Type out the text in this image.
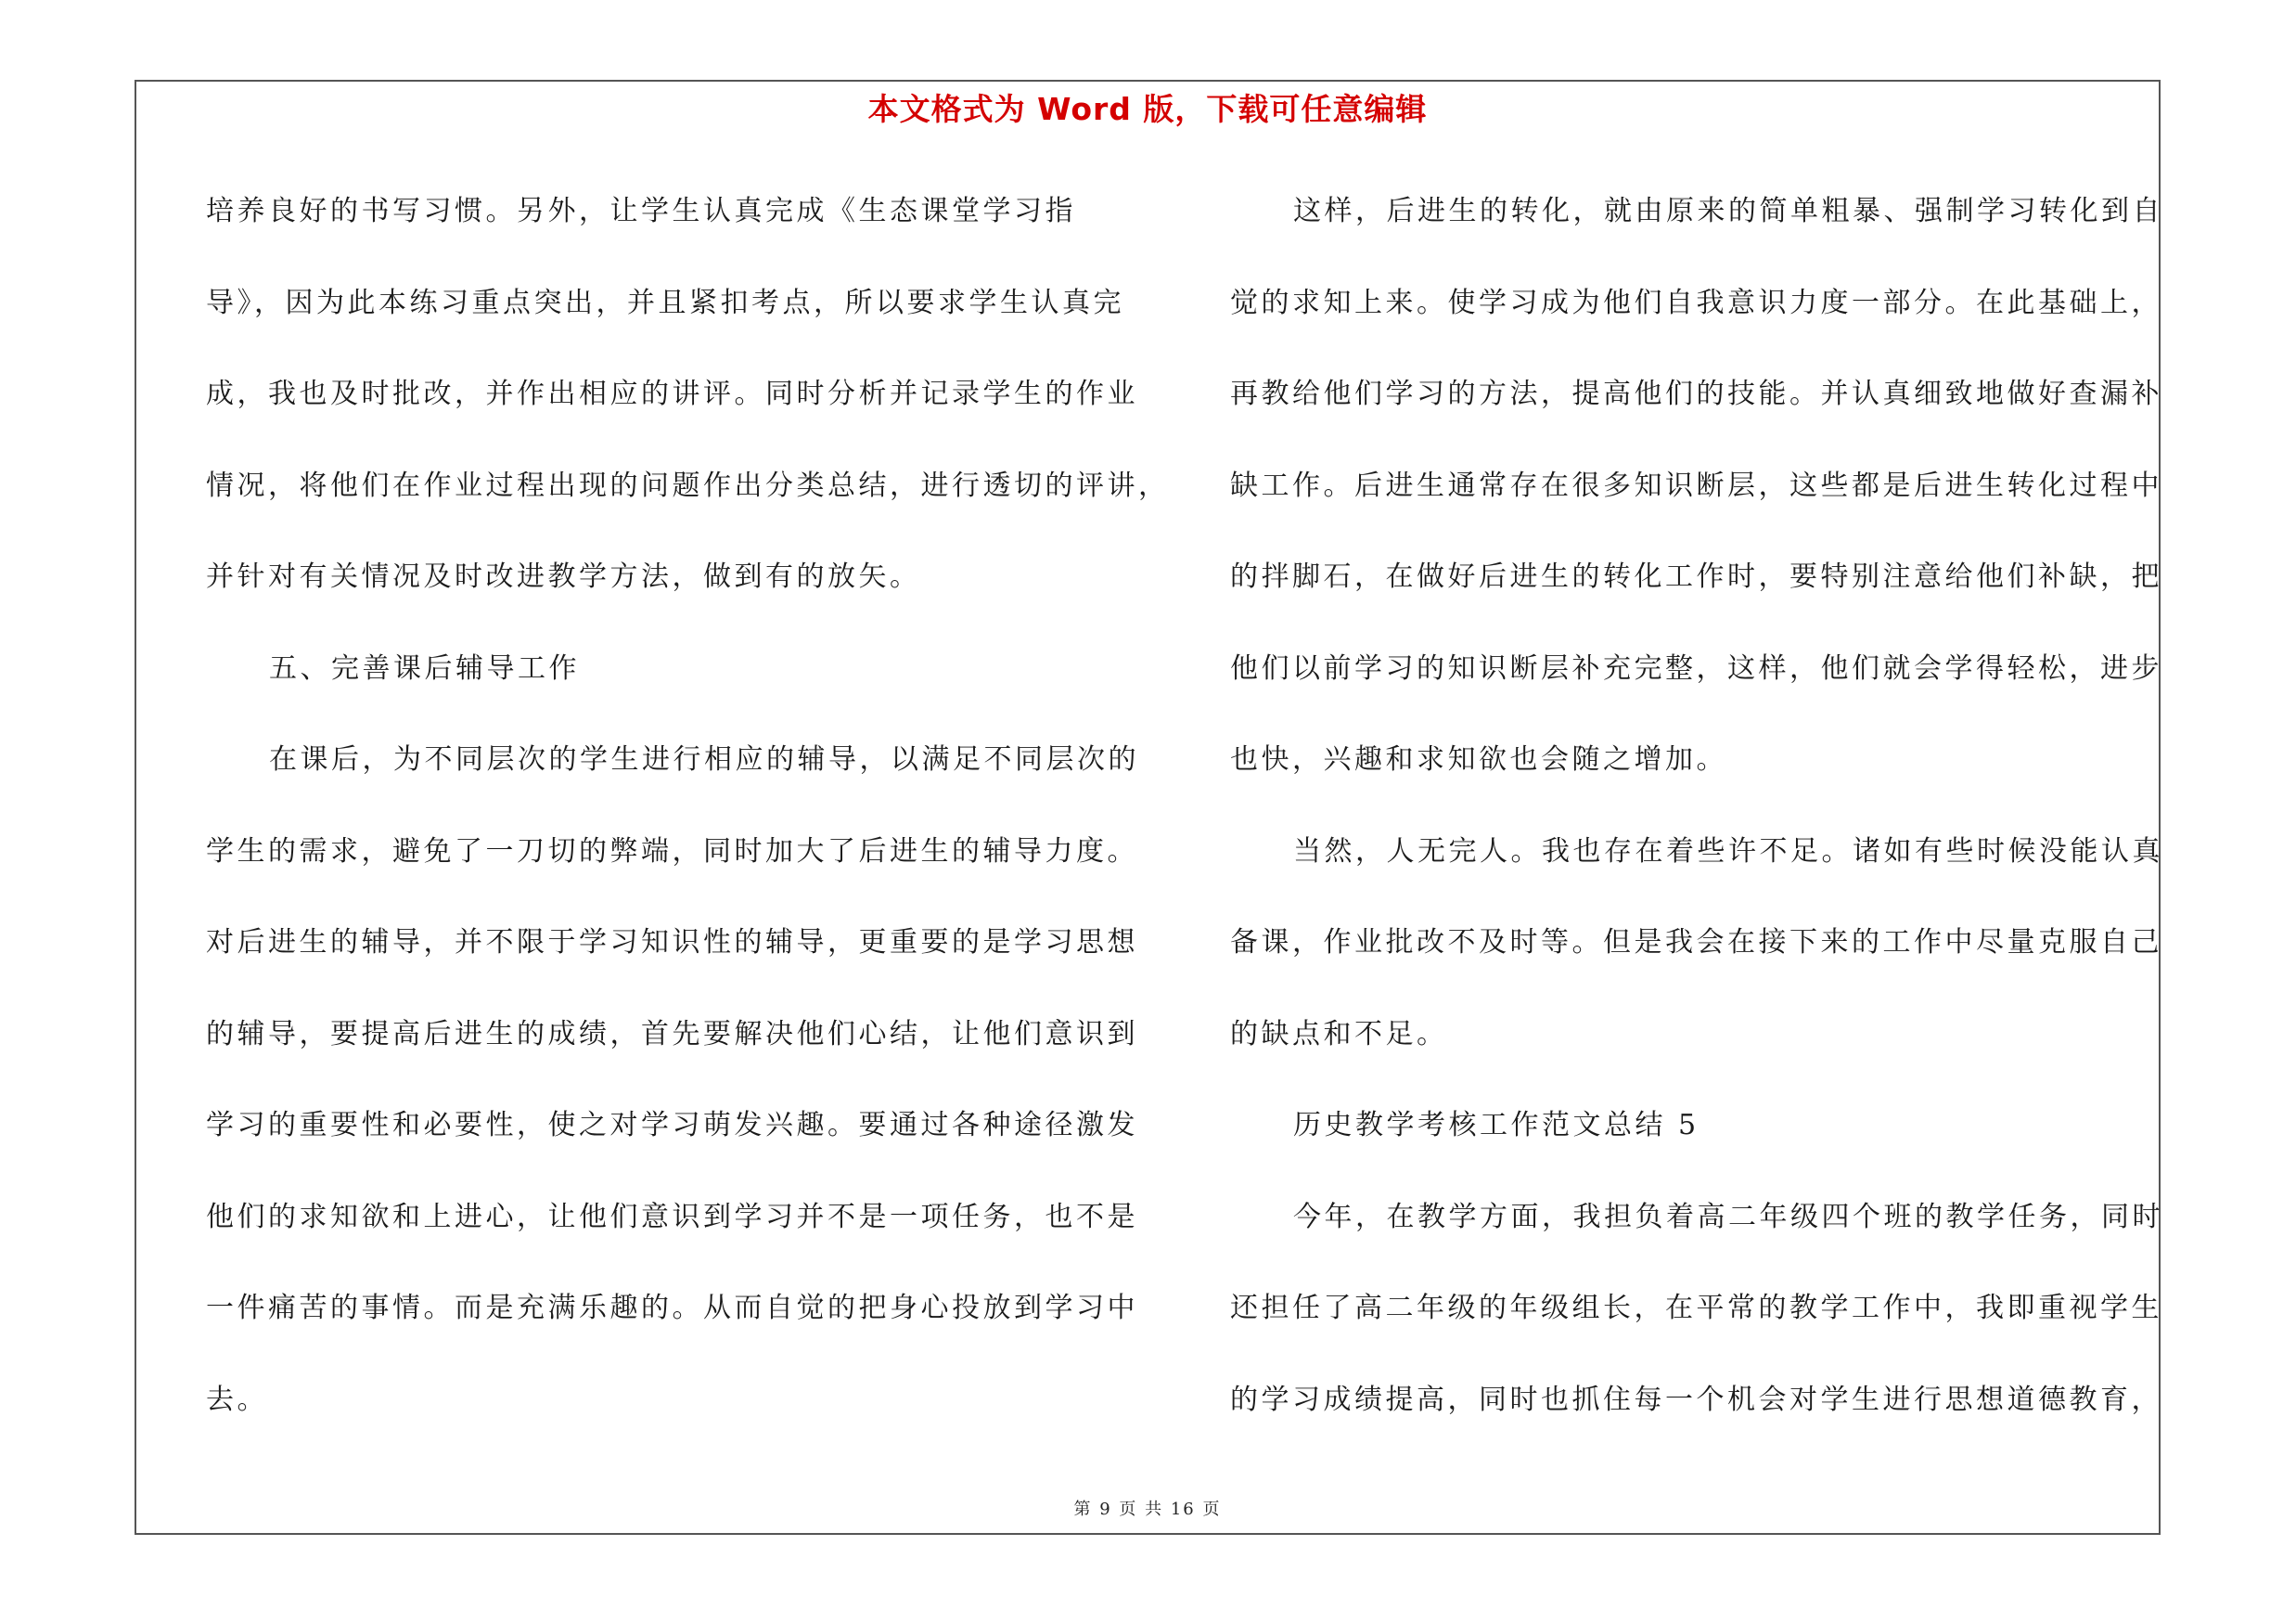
本文格式为 Word 版，下载可任意编辑
培养良好的书写习惯。另外，让学生认真完成《生态课堂学习指
导》，因为此本练习重点突出，并且紧扣考点，所以要求学生认真完
成，我也及时批改，并作出相应的讲评。同时分析并记录学生的作业
情况，将他们在作业过程出现的问题作出分类总结，进行透切的评讲，
并针对有关情况及时改进教学方法，做到有的放矢。
五、完善课后辅导工作
在课后，为不同层次的学生进行相应的辅导，以满足不同层次的
学生的需求，避免了一刀切的弊端，同时加大了后进生的辅导力度。
对后进生的辅导，并不限于学习知识性的辅导，更重要的是学习思想
的辅导，要提高后进生的成绩，首先要解决他们心结，让他们意识到
学习的重要性和必要性，使之对学习萌发兴趣。要通过各种途径激发
他们的求知欲和上进心，让他们意识到学习并不是一项任务，也不是
一件痛苦的事情。而是充满乐趣的。从而自觉的把身心投放到学习中
去。
这样，后进生的转化，就由原来的简单粗暴、强制学习转化到自
觉的求知上来。使学习成为他们自我意识力度一部分。在此基础上，
再教给他们学习的方法，提高他们的技能。并认真细致地做好查漏补
缺工作。后进生通常存在很多知识断层，这些都是后进生转化过程中
的拌脚石，在做好后进生的转化工作时，要特别注意给他们补缺，把
他们以前学习的知识断层补充完整，这样，他们就会学得轻松，进步
也快，兴趣和求知欲也会随之增加。
当然，人无完人。我也存在着些许不足。诸如有些时候没能认真
备课，作业批改不及时等。但是我会在接下来的工作中尽量克服自己
的缺点和不足。
历史教学考核工作范文总结 5
今年，在教学方面，我担负着高二年级四个班的教学任务，同时
还担任了高二年级的年级组长，在平常的教学工作中，我即重视学生
的学习成绩提高，同时也抓住每一个机会对学生进行思想道德教育，
第 9 页 共 16 页
